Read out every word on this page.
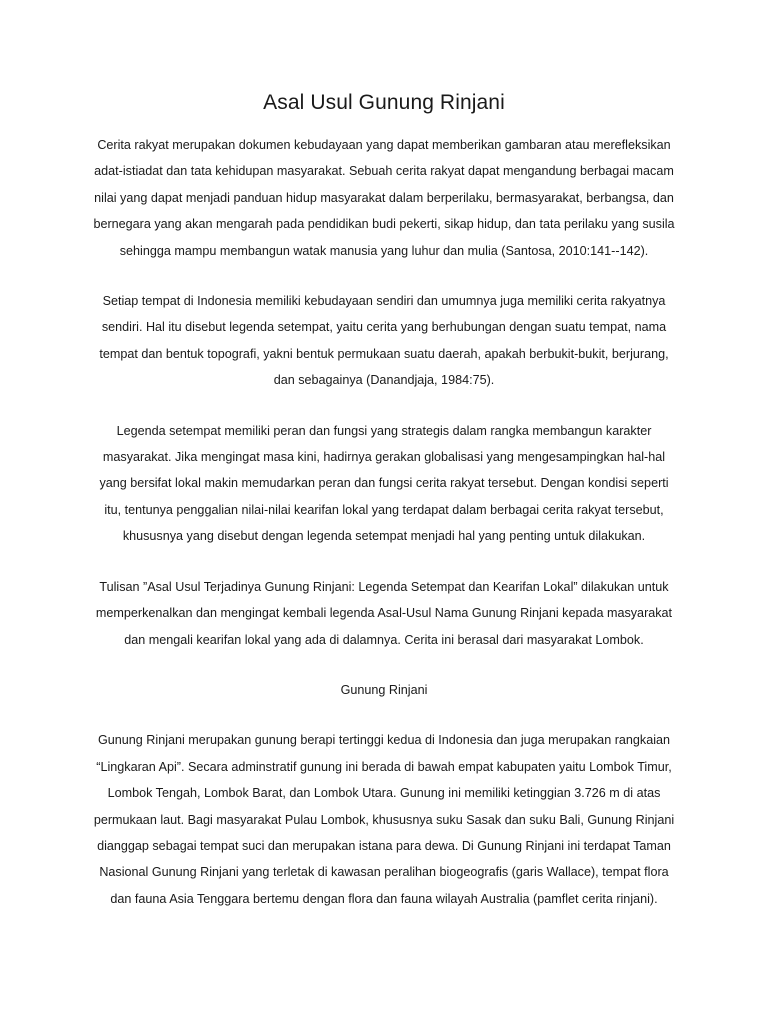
Asal Usul Gunung Rinjani
Cerita rakyat merupakan dokumen kebudayaan yang dapat memberikan gambaran atau merefleksikan
adat-istiadat dan tata kehidupan masyarakat. Sebuah cerita rakyat dapat mengandung berbagai macam
nilai yang dapat menjadi panduan hidup masyarakat dalam berperilaku, bermasyarakat, berbangsa, dan
bernegara yang akan mengarah pada pendidikan budi pekerti, sikap hidup, dan tata perilaku yang susila
sehingga mampu membangun watak manusia yang luhur dan mulia (Santosa, 2010:141--142).
Setiap tempat di Indonesia memiliki kebudayaan sendiri dan umumnya juga memiliki cerita rakyatnya
sendiri. Hal itu disebut legenda setempat, yaitu cerita yang berhubungan dengan suatu tempat, nama
tempat dan bentuk topografi, yakni bentuk permukaan suatu daerah, apakah berbukit-bukit, berjurang,
dan sebagainya (Danandjaja, 1984:75).
Legenda setempat memiliki peran dan fungsi yang strategis dalam rangka membangun karakter
masyarakat. Jika mengingat masa kini, hadirnya gerakan globalisasi yang mengesampingkan hal-hal
yang bersifat lokal makin memudarkan peran dan fungsi cerita rakyat tersebut. Dengan kondisi seperti
itu, tentunya penggalian nilai-nilai kearifan lokal yang terdapat dalam berbagai cerita rakyat tersebut,
khususnya yang disebut dengan legenda setempat menjadi hal yang penting untuk dilakukan.
Tulisan ”Asal Usul Terjadinya Gunung Rinjani: Legenda Setempat dan Kearifan Lokal” dilakukan untuk
memperkenalkan dan mengingat kembali legenda Asal-Usul Nama Gunung Rinjani kepada masyarakat
dan mengali kearifan lokal yang ada di dalamnya. Cerita ini berasal dari masyarakat Lombok.
Gunung Rinjani
Gunung Rinjani merupakan gunung berapi tertinggi kedua di Indonesia dan juga merupakan rangkaian
“Lingkaran Api”. Secara adminstratif gunung ini berada di bawah empat kabupaten yaitu Lombok Timur,
Lombok Tengah, Lombok Barat, dan Lombok Utara. Gunung ini memiliki ketinggian 3.726 m di atas
permukaan laut. Bagi masyarakat Pulau Lombok, khususnya suku Sasak dan suku Bali, Gunung Rinjani
dianggap sebagai tempat suci dan merupakan istana para dewa. Di Gunung Rinjani ini terdapat Taman
Nasional Gunung Rinjani yang terletak di kawasan peralihan biogeografis (garis Wallace), tempat flora
dan fauna Asia Tenggara bertemu dengan flora dan fauna wilayah Australia (pamflet cerita rinjani).
